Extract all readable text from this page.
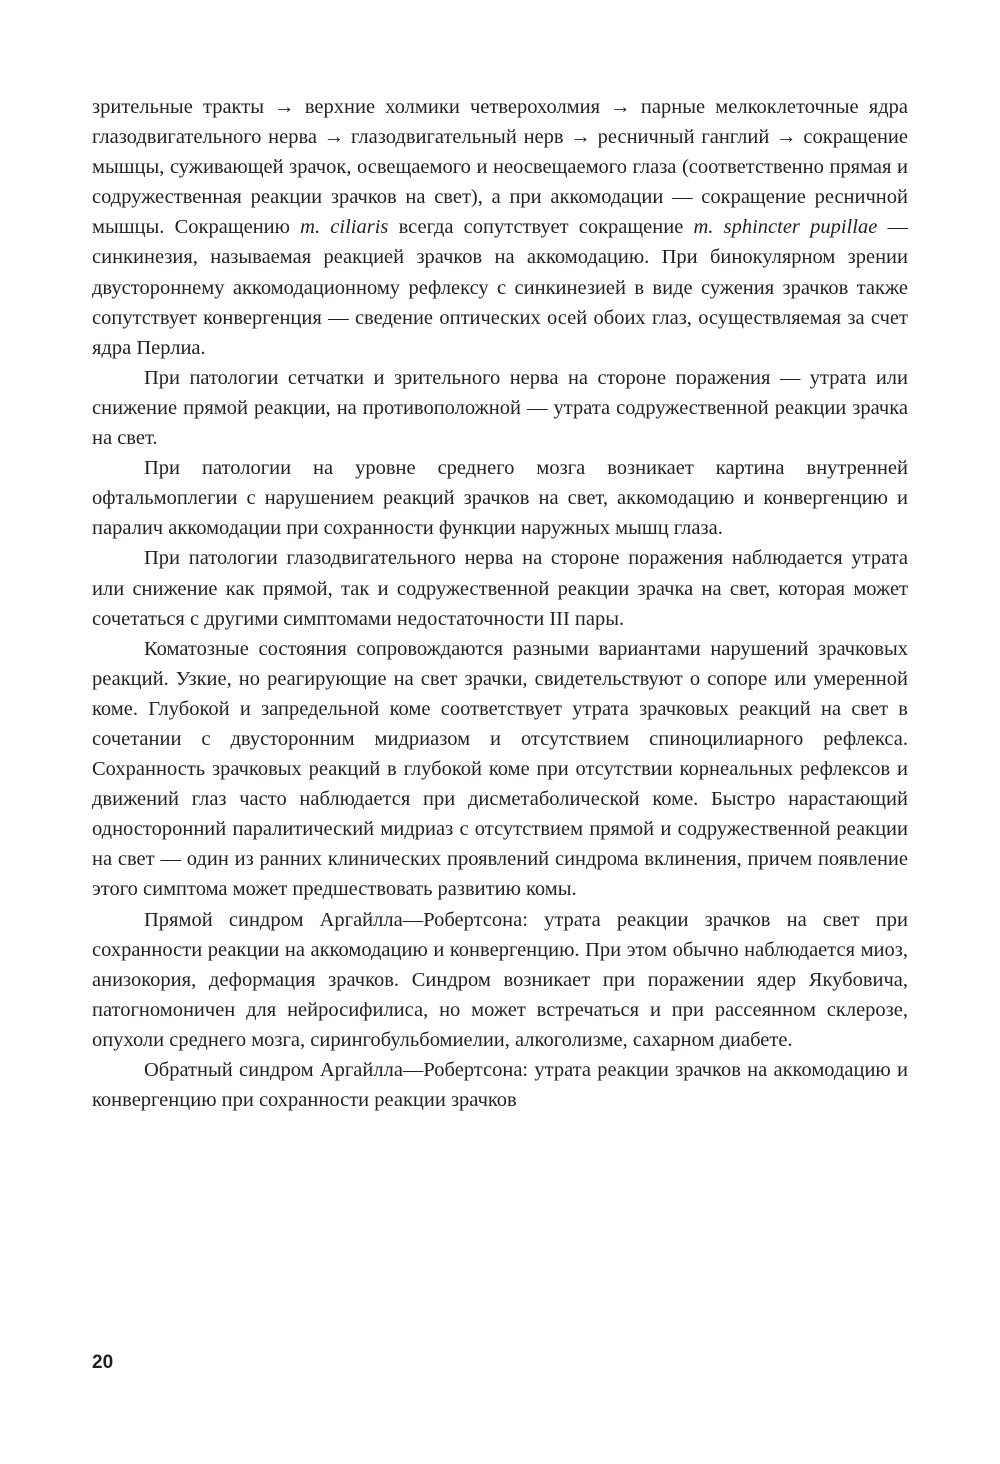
зрительные тракты → верхние холмики четверохолмия → парные мелкоклеточные ядра глазодвигательного нерва → глазодвигательный нерв → ресничный ганглий → сокращение мышцы, суживающей зрачок, освещаемого и неосвещаемого глаза (соответственно прямая и содружественная реакции зрачков на свет), а при аккомодации — сокращение ресничной мышцы. Сокращению m. ciliaris всегда сопутствует сокращение m. sphincter pupillae — синкинезия, называемая реакцией зрачков на аккомодацию. При бинокулярном зрении двустороннему аккомодационному рефлексу с синкинезией в виде сужения зрачков также сопутствует конвергенция — сведение оптических осей обоих глаз, осуществляемая за счет ядра Перлиа.

При патологии сетчатки и зрительного нерва на стороне поражения — утрата или снижение прямой реакции, на противоположной — утрата содружественной реакции зрачка на свет.

При патологии на уровне среднего мозга возникает картина внутренней офтальмоплегии с нарушением реакций зрачков на свет, аккомодацию и конвергенцию и паралич аккомодации при сохранности функции наружных мышц глаза.

При патологии глазодвигательного нерва на стороне поражения наблюдается утрата или снижение как прямой, так и содружественной реакции зрачка на свет, которая может сочетаться с другими симптомами недостаточности III пары.

Коматозные состояния сопровождаются разными вариантами нарушений зрачковых реакций. Узкие, но реагирующие на свет зрачки, свидетельствуют о сопоре или умеренной коме. Глубокой и запредельной коме соответствует утрата зрачковых реакций на свет в сочетании с двусторонним мидриазом и отсутствием спиноцилиарного рефлекса. Сохранность зрачковых реакций в глубокой коме при отсутствии корнеальных рефлексов и движений глаз часто наблюдается при дисметаболической коме. Быстро нарастающий односторонний паралитический мидриаз с отсутствием прямой и содружественной реакции на свет — один из ранних клинических проявлений синдрома вклинения, причем появление этого симптома может предшествовать развитию комы.

Прямой синдром Аргайлла—Робертсона: утрата реакции зрачков на свет при сохранности реакции на аккомодацию и конвергенцию. При этом обычно наблюдается миоз, анизокория, деформация зрачков. Синдром возникает при поражении ядер Якубовича, патогномоничен для нейросифилиса, но может встречаться и при рассеянном склерозе, опухоли среднего мозга, сирингобульбомиелии, алкоголизме, сахарном диабете.

Обратный синдром Аргайлла—Робертсона: утрата реакции зрачков на аккомодацию и конвергенцию при сохранности реакции зрачков

20
